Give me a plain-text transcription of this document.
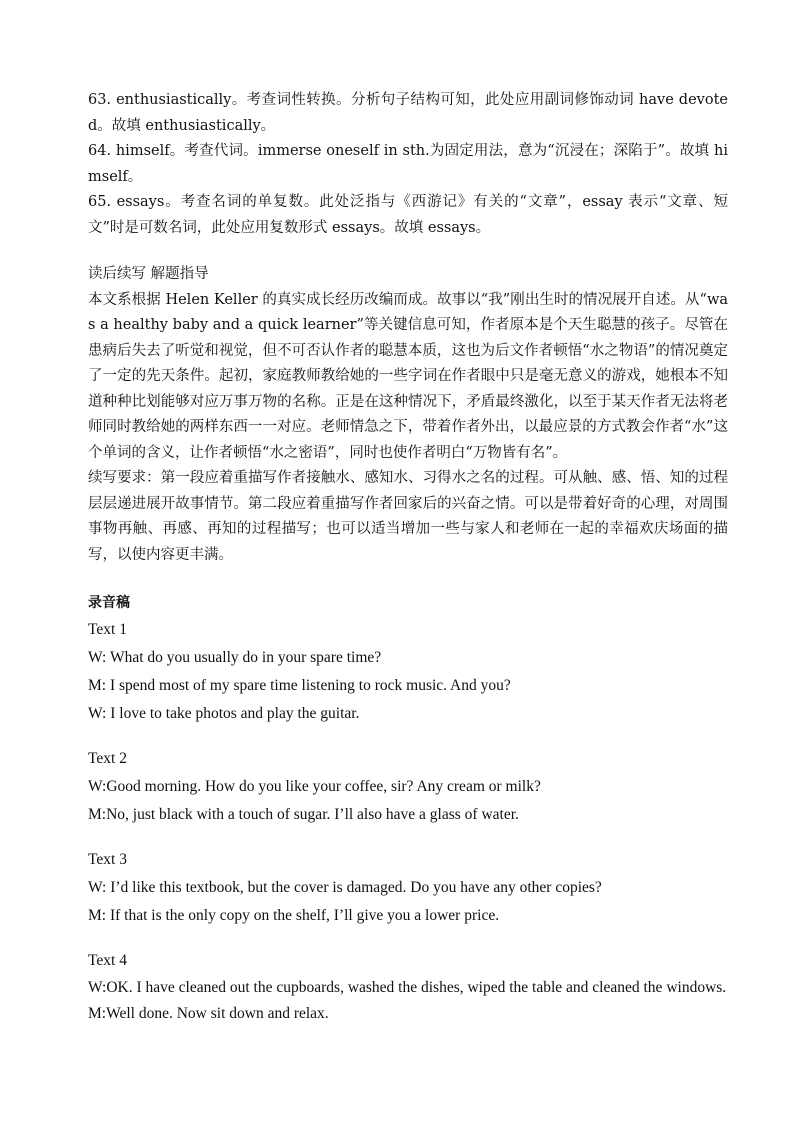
63. enthusiastically。考查词性转换。分析句子结构可知，此处应用副词修饰动词 have devoted。故填 enthusiastically。

64. himself。考查代词。immerse oneself in sth.为固定用法，意为“沉浸在；深陷于”。故填 himself。

65. essays。考查名词的单复数。此处泛指与《西游记》有关的“文章”，essay 表示“文章、短文”时是可数名词，此处应用复数形式 essays。故填 essays。

读后续写 解题指导

本文系根据 Helen Keller 的真实成长经历改编而成。故事以“我”刚出生时的情况展开自述。从“was a healthy baby and a quick learner”等关键信息可知，作者原本是个天生聪慧的孩子。尽管在患病后失去了听觉和视觉，但不可否认作者的聪慧本质，这也为后文作者顿悟“水之物语”的情况奠定了一定的先天条件。起初，家庭教师教给她的一些字词在作者眼中只是毫无意义的游戏，她根本不知道种种比划能够对应万事万物的名称。正是在这种情况下，矛盾最终激化，以至于某天作者无法将老师同时教给她的两样东西一一对应。老师情急之下，带着作者外出，以最应景的方式教会作者“水”这个单词的含义，让作者顿悟“水之密语”，同时也使作者明白“万物皆有名”。

续写要求：第一段应着重描写作者接触水、感知水、习得水之名的过程。可从触、感、悟、知的过程层层递进展开故事情节。第二段应着重描写作者回家后的兴奋之情。可以是带着好奇的心理，对周围事物再触、再感、再知的过程描写；也可以适当增加一些与家人和老师在一起的幸福欢庆场面的描写，以使内容更丰满。

录音稿

Text 1

W: What do you usually do in your spare time?

M: I spend most of my spare time listening to rock music. And you?

W: I love to take photos and play the guitar.

Text 2

W:Good morning. How do you like your coffee, sir? Any cream or milk?

M:No, just black with a touch of sugar. I’ll also have a glass of water.

Text 3

W: I’d like this textbook, but the cover is damaged. Do you have any other copies?

M: If that is the only copy on the shelf, I’ll give you a lower price.

Text 4

W:OK. I have cleaned out the cupboards, washed the dishes, wiped the table and cleaned the windows.

M:Well done. Now sit down and relax.
